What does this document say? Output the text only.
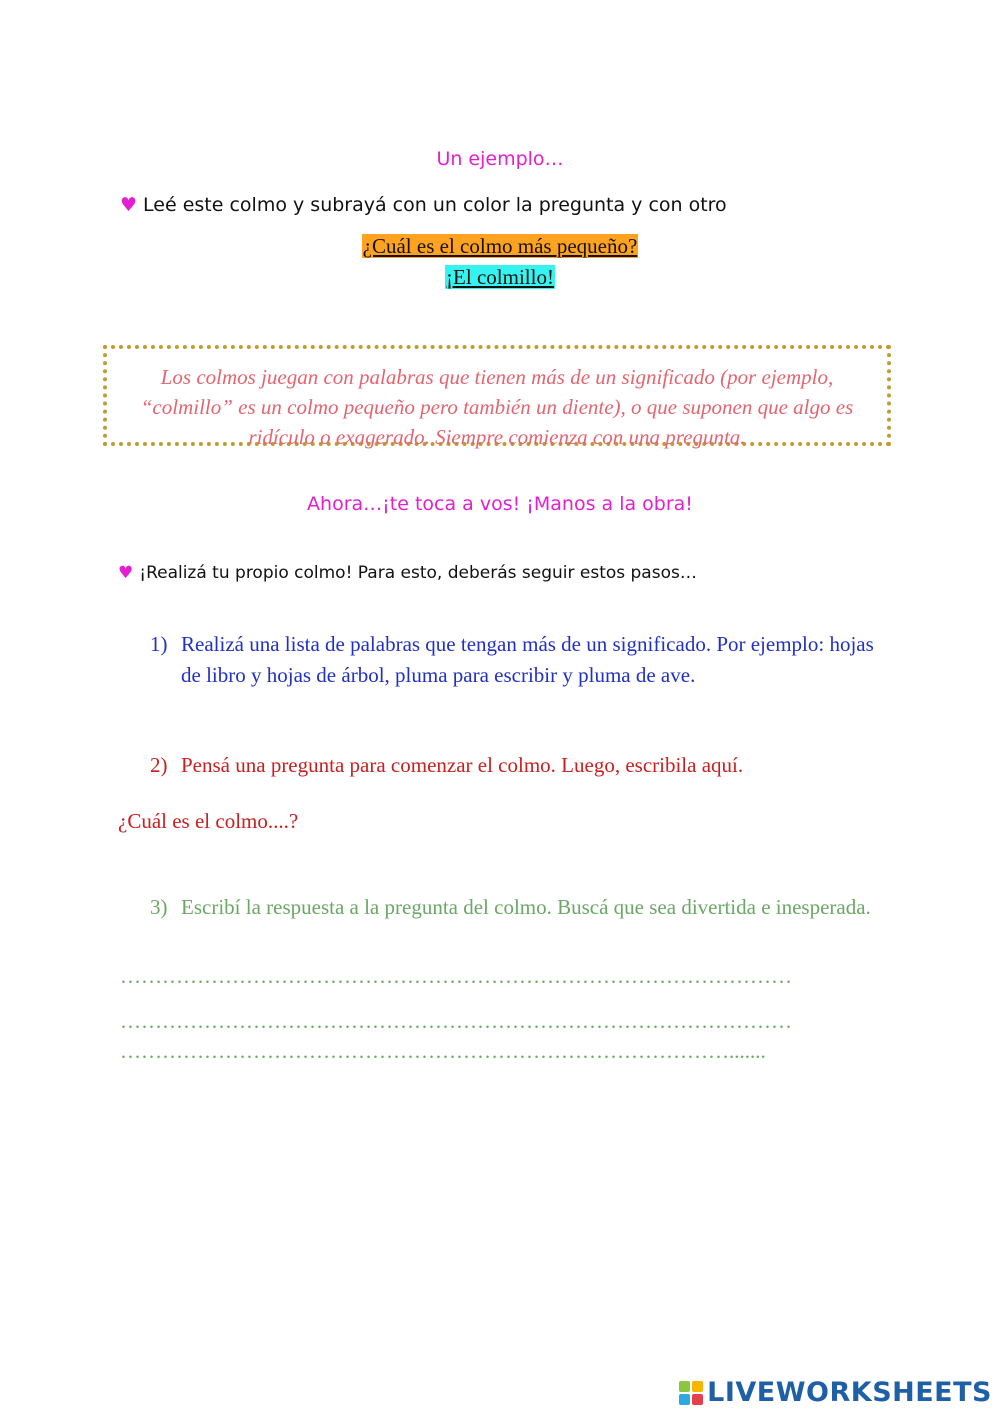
Un ejemplo…
♥ Leé este colmo y subrayá con un color la pregunta y con otro
¿Cuál es el colmo más pequeño?
¡El colmillo!
Los colmos juegan con palabras que tienen más de un significado (por ejemplo, “colmillo” es un colmo pequeño pero también un diente), o que suponen que algo es ridículo o exagerado. Siempre comienza con una pregunta.
Ahora…¡te toca a vos! ¡Manos a la obra!
♥ ¡Realizá tu propio colmo! Para esto, deberás seguir estos pasos…
1) Realizá una lista de palabras que tengan más de un significado. Por ejemplo: hojas de libro y hojas de árbol, pluma para escribir y pluma de ave.
2) Pensá una pregunta para comenzar el colmo. Luego, escribila aquí.
¿Cuál es el colmo....?
3) Escribí la respuesta a la pregunta del colmo. Buscá que sea divertida e inesperada.
……………………………………………………………………………………
……………………………………………………………………………………
…………………………………………………………………………….......
LIVEWORKSHEETS
